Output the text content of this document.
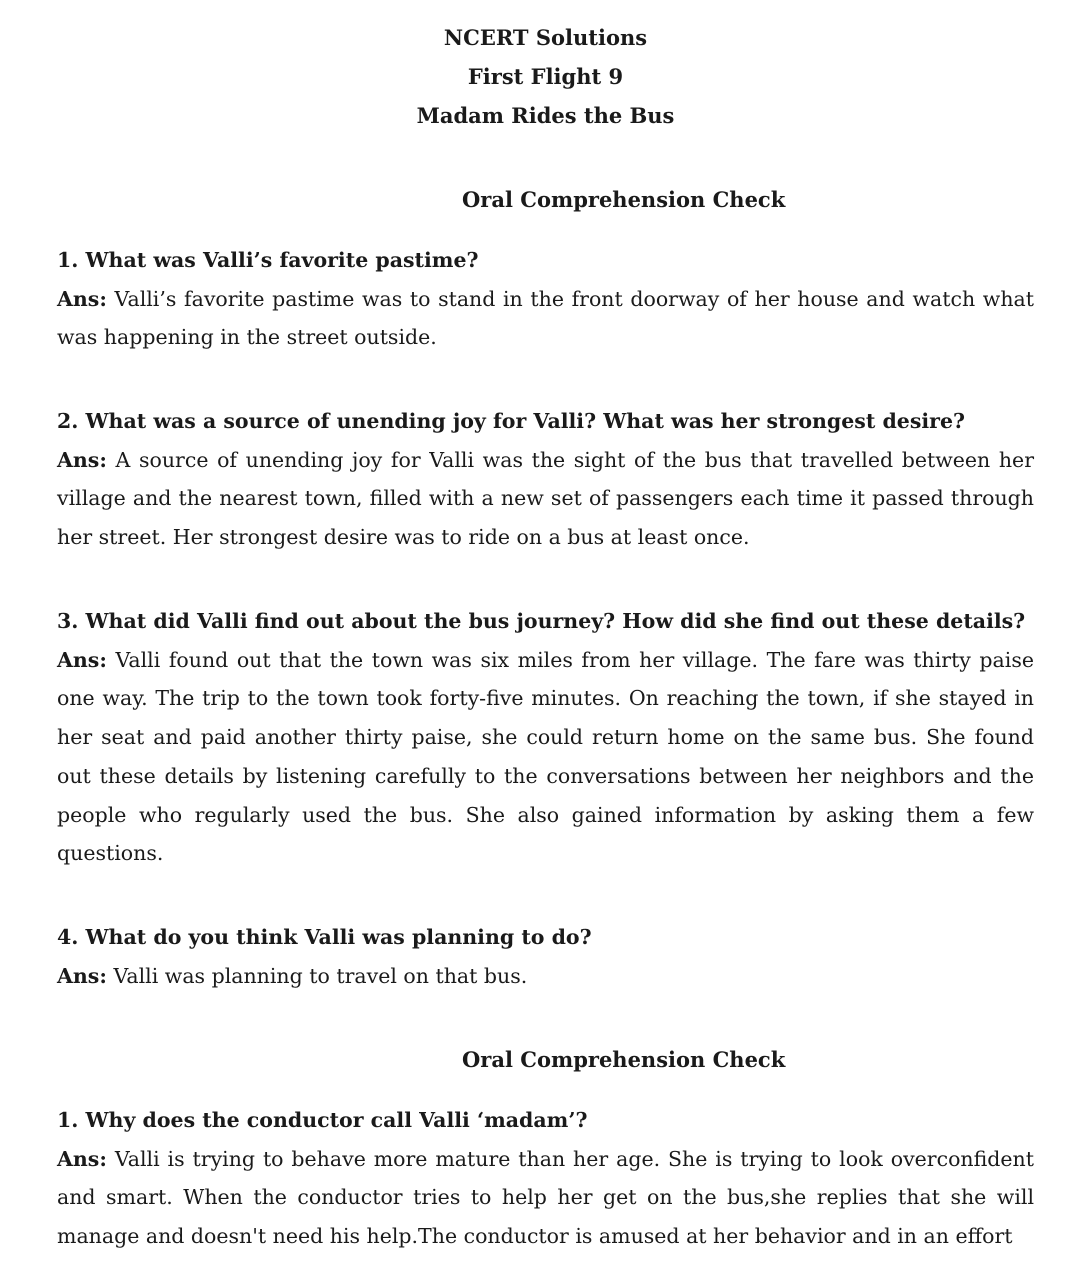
NCERT Solutions
First Flight 9
Madam Rides the Bus
Oral Comprehension Check

1. What was Valli’s favorite pastime?

Ans: Valli’s favorite pastime was to stand in the front doorway of her house and watch what was happening in the street outside.

2. What was a source of unending joy for Valli? What was her strongest desire?

Ans: A source of unending joy for Valli was the sight of the bus that travelled between her village and the nearest town, filled with a new set of passengers each time it passed through her street. Her strongest desire was to ride on a bus at least once.

3. What did Valli find out about the bus journey? How did she find out these details?

Ans: Valli found out that the town was six miles from her village. The fare was thirty paise one way. The trip to the town took forty-five minutes. On reaching the town, if she stayed in her seat and paid another thirty paise, she could return home on the same bus. She found out these details by listening carefully to the conversations between her neighbors and the people who regularly used the bus. She also gained information by asking them a few questions.

4. What do you think Valli was planning to do?

Ans: Valli was planning to travel on that bus.

Oral Comprehension Check

1. Why does the conductor call Valli ‘madam’?

Ans: Valli is trying to behave more mature than her age. She is trying to look overconfident and smart. When the conductor tries to help her get on the bus,she replies that she will manage and doesn't need his help.The conductor is amused at her behavior and in an effort
